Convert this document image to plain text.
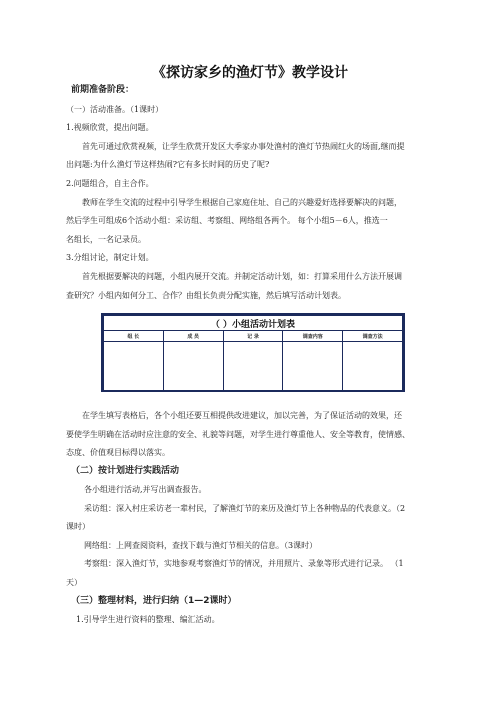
《探访家乡的渔灯节》教学设计
前期准备阶段：
（一）活动准备。（1课时）
1.视频欣赏，提出问题。
首先可通过欣赏视频，让学生欣赏开发区大季家办事处渔村的渔灯节热闹红火的场面,继而提
出问题:为什么渔灯节这样热闹?它有多长时间的历史了呢?
2.问题组合，自主合作。
教师在学生交流的过程中引导学生根据自己家庭住址、自己的兴趣爱好选择要解决的问题，
然后学生可组成6个活动小组：采访组、考察组、网络组各两个。 每个小组5－6人，推选一
名组长，一名记录员。
3.分组讨论，制定计划。
首先根据要解决的问题，小组内展开交流。并制定活动计划，如：打算采用什么方法开展调
查研究？小组内如何分工、合作？由组长负责分配实施，然后填写活动计划表。
（ ）小组活动计划表				
组 长	成 员	记 录	调查内容	调查方法

在学生填写表格后，各个小组还要互相提供改进建议，加以完善，为了保证活动的效果，还
要使学生明确在活动时应注意的安全、礼貌等问题，对学生进行尊重他人、安全等教育，使情感、
态度、价值观目标得以落实。
（二）按计划进行实践活动
各小组进行活动,并写出调查报告。
采访组：深入村庄采访老一辈村民，了解渔灯节的来历及渔灯节上各种物品的代表意义。（2
课时）
网络组：上网查阅资料，查找下载与渔灯节相关的信息。（3课时）
考察组：深入渔灯节，实地参观考察渔灯节的情况，并用照片、录象等形式进行记录。 （1
天）
（三）整理材料，进行归纳（1—2课时）
1.引导学生进行资料的整理、编汇活动。
